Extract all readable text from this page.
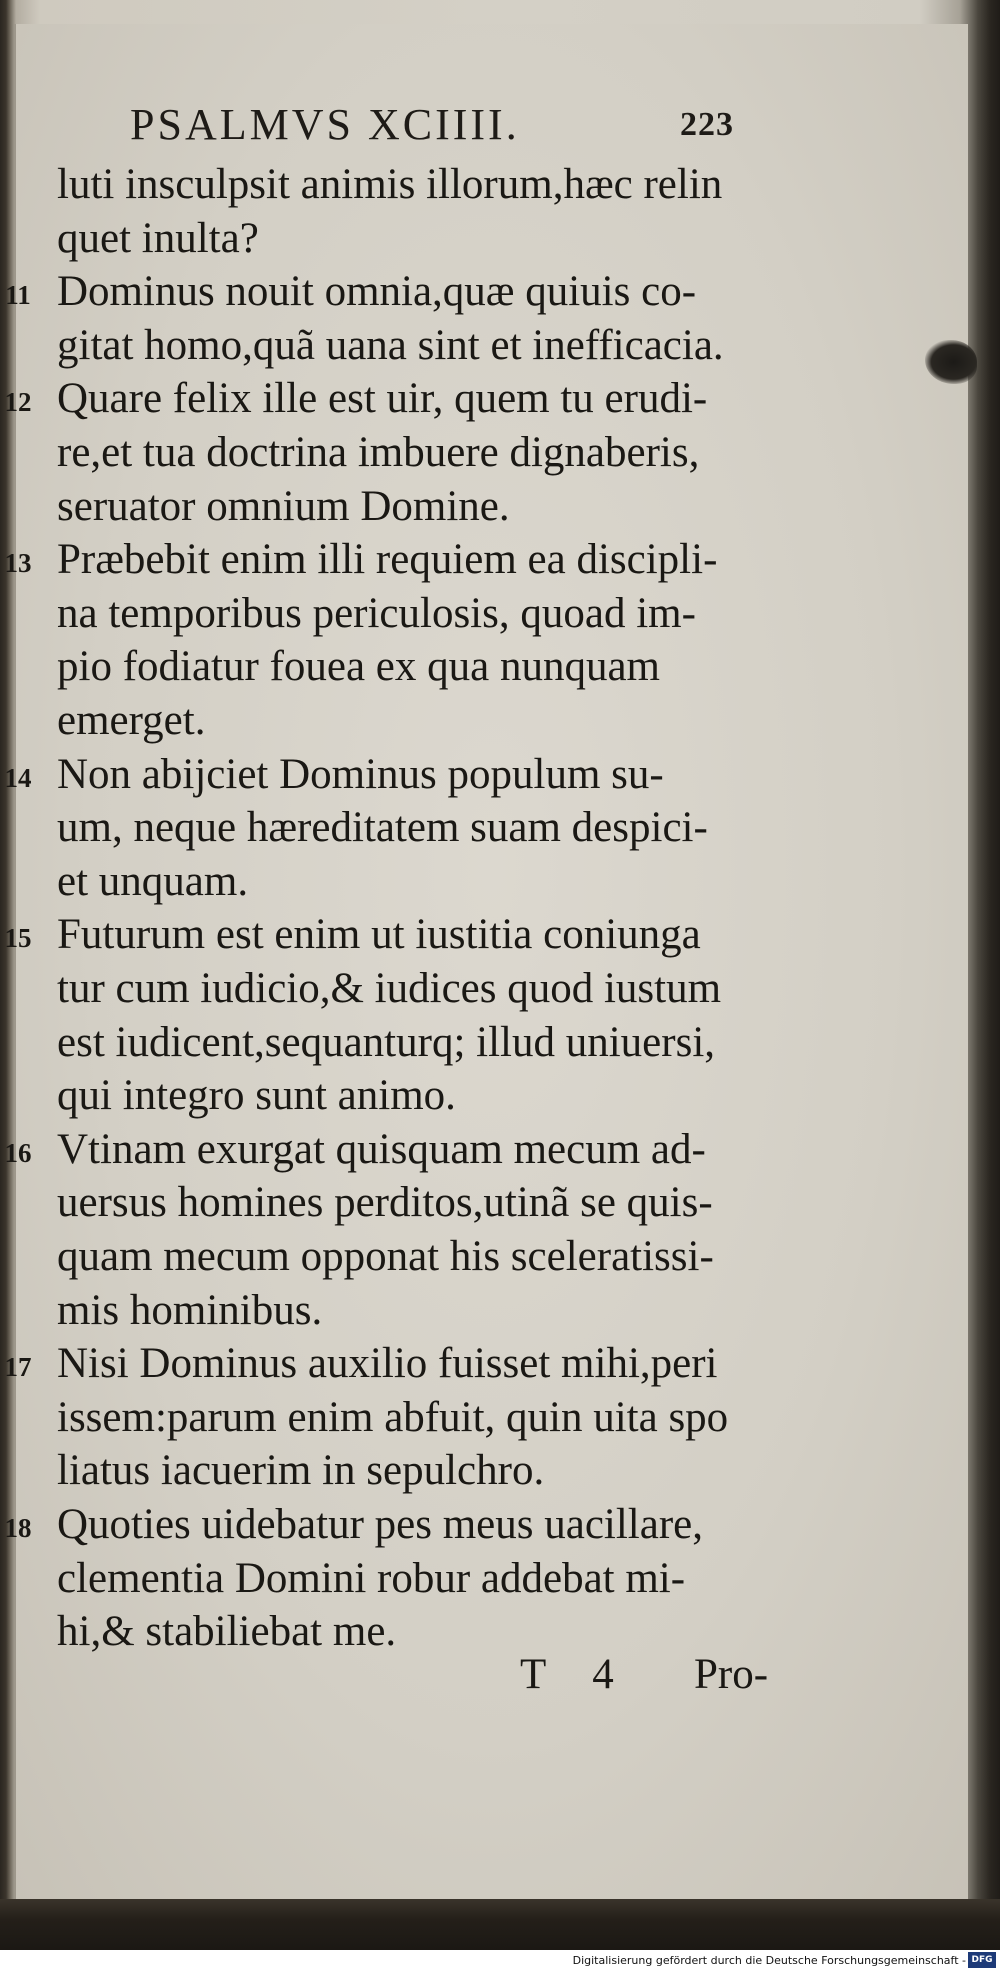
PSALMVS XCIIII.	223
luti insculpsit animis illorum,hæc relin
quet inulta?
11 Dominus nouit omnia,quæ quiuis co-
gitat homo,quã uana sint et inefficacia.
12 Quare felix ille est uir, quem tu erudi-
re,et tua doctrina imbuere dignaberis,
seruator omnium Domine.
13 Præbebit enim illi requiem ea discipli-
na temporibus periculosis, quoad im-
pio fodiatur fouea ex qua nunquam
emerget.
14 Non abijciet Dominus populum su-
um, neque hæreditatem suam despici-
et unquam.
15 Futurum est enim ut iustitia coniunga
tur cum iudicio,& iudices quod iustum
est iudicent,sequanturq; illud uniuersi,
qui integro sunt animo.
16 Vtinam exurgat quisquam mecum ad-
uersus homines perditos,utinã se quis-
quam mecum opponat his sceleratissi-
mis hominibus.
17 Nisi Dominus auxilio fuisset mihi,peri
issem:parum enim abfuit, quin uita spo
liatus iacuerim in sepulchro.
18 Quoties uidebatur pes meus uacillare,
clementia Domini robur addebat mi-
hi,& stabiliebat me.
T 4 Pro-
Digitalisierung gefördert durch die Deutsche Forschungsgemeinschaft - DFG
